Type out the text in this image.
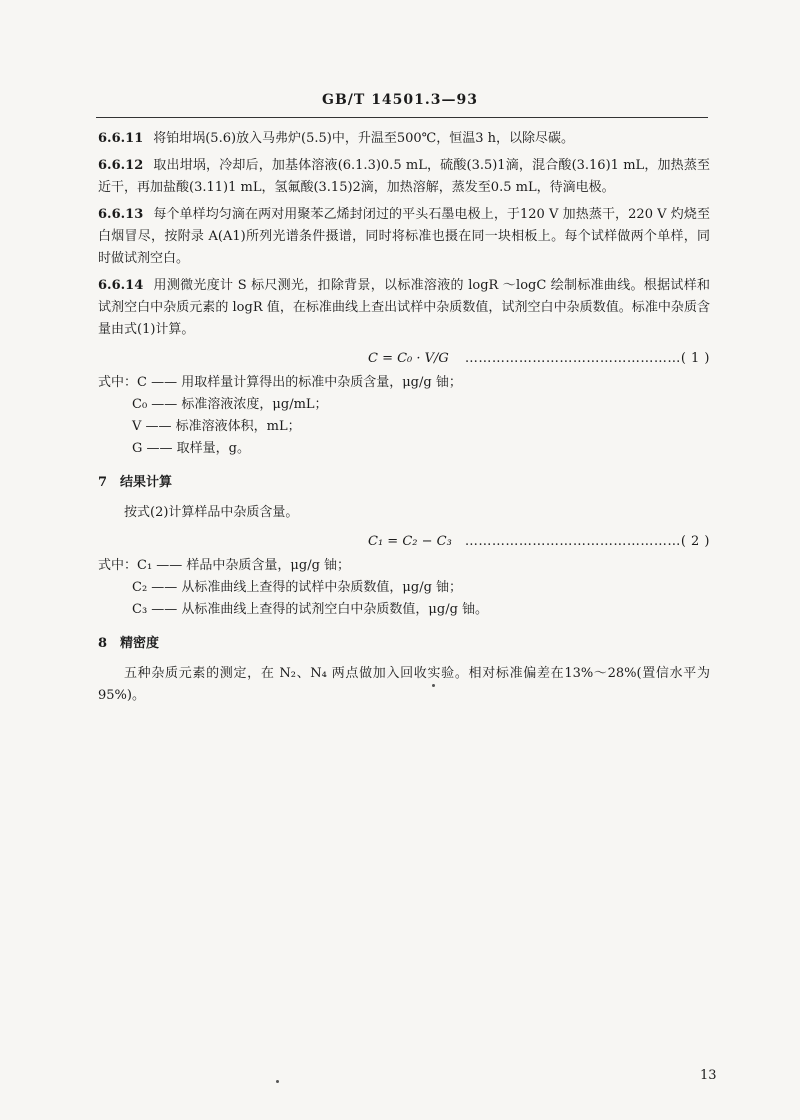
GB/T 14501.3—93

6.6.11 将铂坩埚(5.6)放入马弗炉(5.5)中，升温至500℃，恒温3 h，以除尽碳。

6.6.12 取出坩埚，冷却后，加基体溶液(6.1.3)0.5 mL，硫酸(3.5)1滴，混合酸(3.16)1 mL，加热蒸至近干，再加盐酸(3.11)1 mL，氢氟酸(3.15)2滴，加热溶解，蒸发至0.5 mL，待滴电极。

6.6.13 每个单样均匀滴在两对用聚苯乙烯封闭过的平头石墨电极上，于120 V 加热蒸干，220 V 灼烧至白烟冒尽，按附录 A(A1)所列光谱条件摄谱，同时将标准也摄在同一块相板上。每个试样做两个单样，同时做试剂空白。

6.6.14 用测微光度计 S 标尺测光，扣除背景，以标准溶液的 logR ～logC 绘制标准曲线。根据试样和试剂空白中杂质元素的 logR 值，在标准曲线上查出试样中杂质数值，试剂空白中杂质数值。标准中杂质含量由式(1)计算。

C = C₀ · V/G …………………………………………( 1 )
式中：C —— 用取样量计算得出的标准中杂质含量，μg/g 铀；
C₀ —— 标准溶液浓度，μg/mL；
V —— 标准溶液体积，mL；
G —— 取样量，g。
7　结果计算

按式(2)计算样品中杂质含量。

C₁ = C₂ − C₃ …………………………………………( 2 )
式中：C₁ —— 样品中杂质含量，μg/g 铀；
C₂ —— 从标准曲线上查得的试样中杂质数值，μg/g 铀；
C₃ —— 从标准曲线上查得的试剂空白中杂质数值，μg/g 铀。
8　精密度

五种杂质元素的测定，在 N₂、N₄ 两点做加入回收实验。相对标准偏差在13%～28%(置信水平为95%)。

13
